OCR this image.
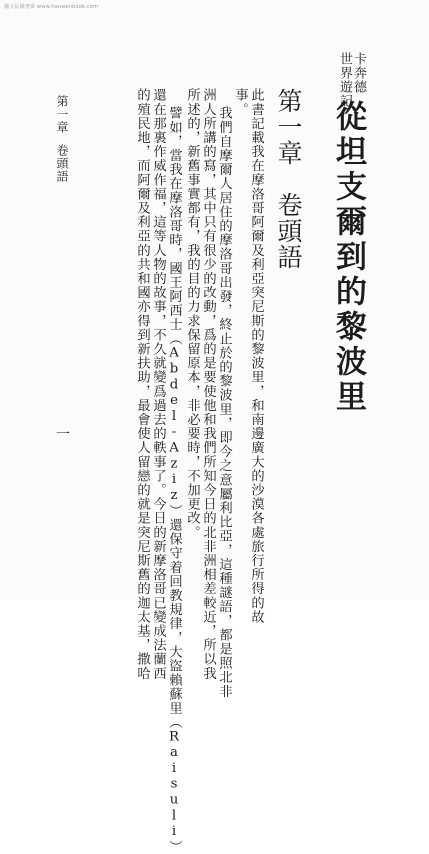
瀚文民國書庫 www.hanwenbook.com
卡奔德
世界遊記
從坦支爾到的黎波里
第一章卷頭語
此書記載我在摩洛哥阿爾及利亞突尼斯的黎波里，和南邊廣大的沙漠各處旅行所得的故
事。
我們自摩爾人居住的摩洛哥出發，終止於的黎波里，即今之意屬利比亞，這種謎語，都是照北非
洲人所講的寫，其中只有很少的改動，爲的是要使他和我們所知今日的北非洲相差較近，所以我
所述的，新舊事實都有，我的目的力求保留原本，非必要時，不加更改。
譬如，當我在摩洛哥時，國王阿西士（Abdel-Aziz）還保守着回教規律，大盜賴蘇里（Raisuli）
還在那裏作威作福，這等人物的故事，不久就變爲過去的軼事了。今日的新摩洛哥已變成法蘭西
的殖民地，而阿爾及利亞的共和國亦得到新扶助，最會使人留戀的就是突尼斯舊的迦太基，撒哈
第一章卷頭語
一
